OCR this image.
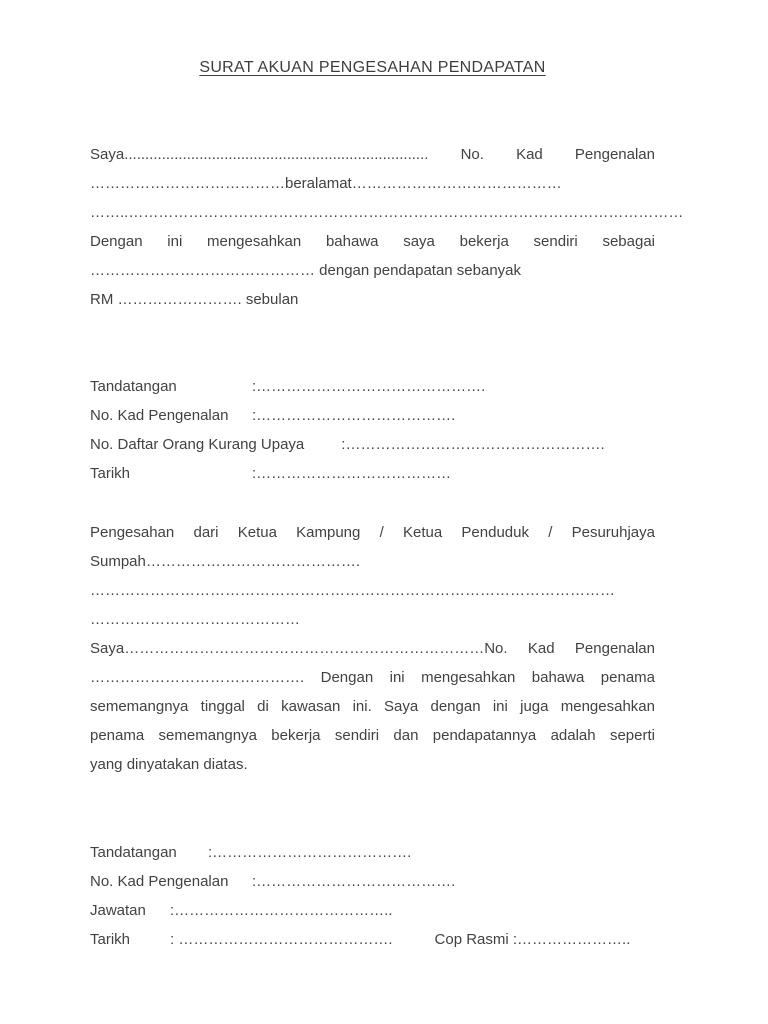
SURAT AKUAN PENGESAHAN PENDAPATAN
Saya......................................................................... No. Kad Pengenalan
…………………………………beralamat……………………………………
……..…………………………………………………………………………………………………
Dengan ini mengesahkan bahawa saya bekerja sendiri sebagai
……………………………………… dengan pendapatan sebanyak
RM ……………………. sebulan
Tandatangan	:……………………………………….
No. Kad Pengenalan	:………………………………….
No. Daftar Orang Kurang Upaya :…………………………………………….
Tarikh	:…………………………………
Pengesahan dari Ketua Kampung / Ketua Penduduk / Pesuruhjaya
Sumpah…………………………………….
……………………………………………………………………………………………
……………………………………
Saya………………………………………………………………No. Kad Pengenalan
……………………………………. Dengan ini mengesahkan bahawa penama
sememangnya tinggal di kawasan ini. Saya dengan ini juga mengesahkan
penama sememangnya bekerja sendiri dan pendapatannya adalah seperti
yang dinyatakan diatas.
Tandatangan	:………………………………….
No. Kad Pengenalan	:………………………………….
Jawatan	:……………………………………..
Tarikh	: …………………………………….	Cop Rasmi :…………………..
